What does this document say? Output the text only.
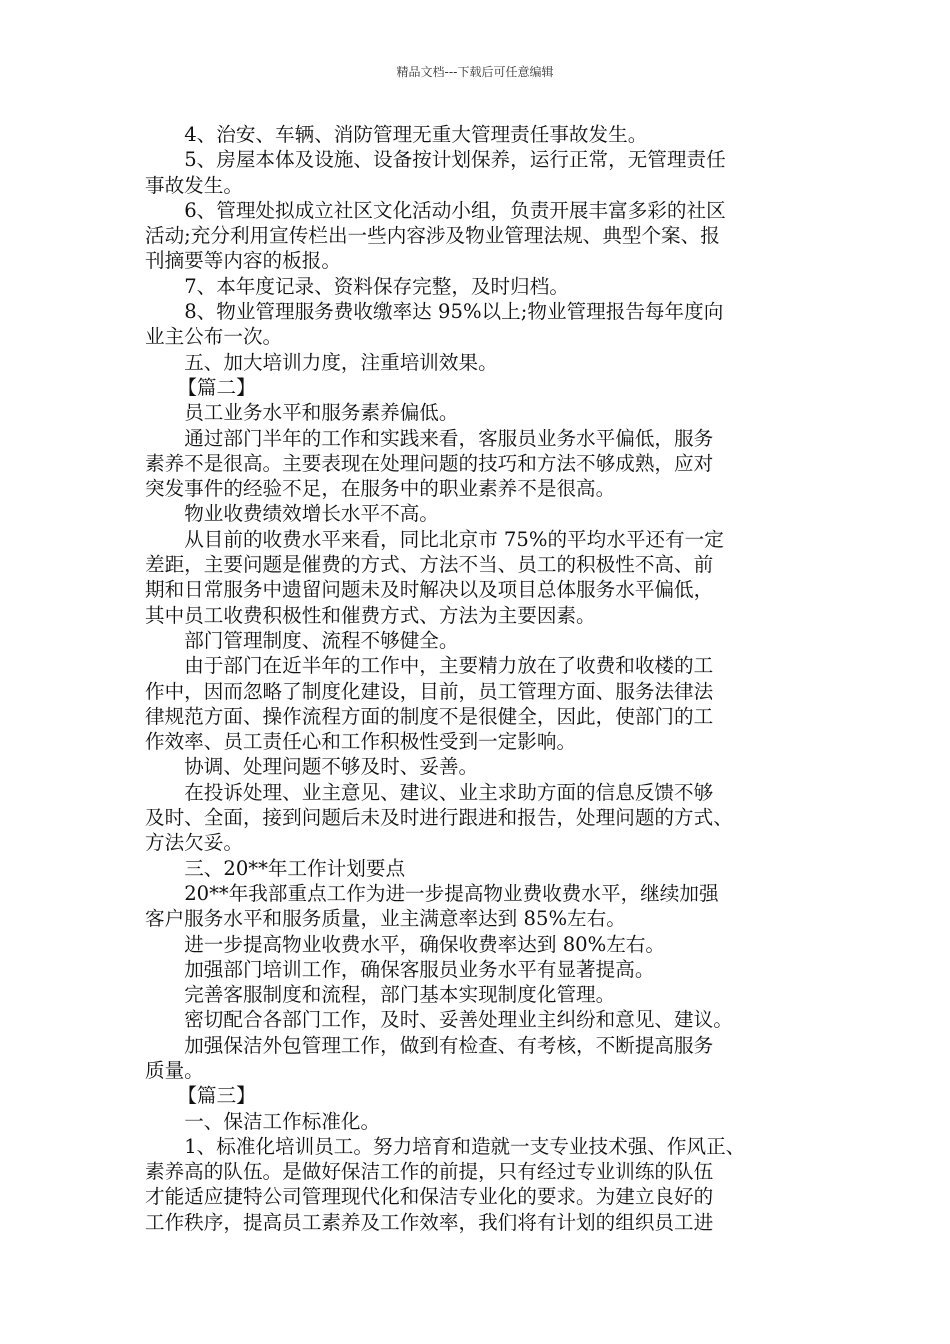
精品文档---下载后可任意编辑
4、治安、车辆、消防管理无重大管理责任事故发生。
5、房屋本体及设施、设备按计划保养，运行正常，无管理责任
事故发生。
6、管理处拟成立社区文化活动小组，负责开展丰富多彩的社区
活动;充分利用宣传栏出一些内容涉及物业管理法规、典型个案、报
刊摘要等内容的板报。
7、本年度记录、资料保存完整，及时归档。
8、物业管理服务费收缴率达 95%以上;物业管理报告每年度向
业主公布一次。
五、加大培训力度，注重培训效果。
【篇二】
员工业务水平和服务素养偏低。
通过部门半年的工作和实践来看，客服员业务水平偏低，服务
素养不是很高。主要表现在处理问题的技巧和方法不够成熟，应对
突发事件的经验不足，在服务中的职业素养不是很高。
物业收费绩效增长水平不高。
从目前的收费水平来看，同比北京市 75%的平均水平还有一定
差距，主要问题是催费的方式、方法不当、员工的积极性不高、前
期和日常服务中遗留问题未及时解决以及项目总体服务水平偏低，
其中员工收费积极性和催费方式、方法为主要因素。
部门管理制度、流程不够健全。
由于部门在近半年的工作中，主要精力放在了收费和收楼的工
作中，因而忽略了制度化建设，目前，员工管理方面、服务法律法
律规范方面、操作流程方面的制度不是很健全，因此，使部门的工
作效率、员工责任心和工作积极性受到一定影响。
协调、处理问题不够及时、妥善。
在投诉处理、业主意见、建议、业主求助方面的信息反馈不够
及时、全面，接到问题后未及时进行跟进和报告，处理问题的方式、
方法欠妥。
三、20**年工作计划要点
20**年我部重点工作为进一步提高物业费收费水平，继续加强
客户服务水平和服务质量，业主满意率达到 85%左右。
进一步提高物业收费水平，确保收费率达到 80%左右。
加强部门培训工作，确保客服员业务水平有显著提高。
完善客服制度和流程，部门基本实现制度化管理。
密切配合各部门工作，及时、妥善处理业主纠纷和意见、建议。
加强保洁外包管理工作，做到有检查、有考核，不断提高服务
质量。
【篇三】
一、保洁工作标准化。
1、标准化培训员工。努力培育和造就一支专业技术强、作风正、
素养高的队伍。是做好保洁工作的前提，只有经过专业训练的队伍
才能适应捷特公司管理现代化和保洁专业化的要求。为建立良好的
工作秩序，提高员工素养及工作效率，我们将有计划的组织员工进
